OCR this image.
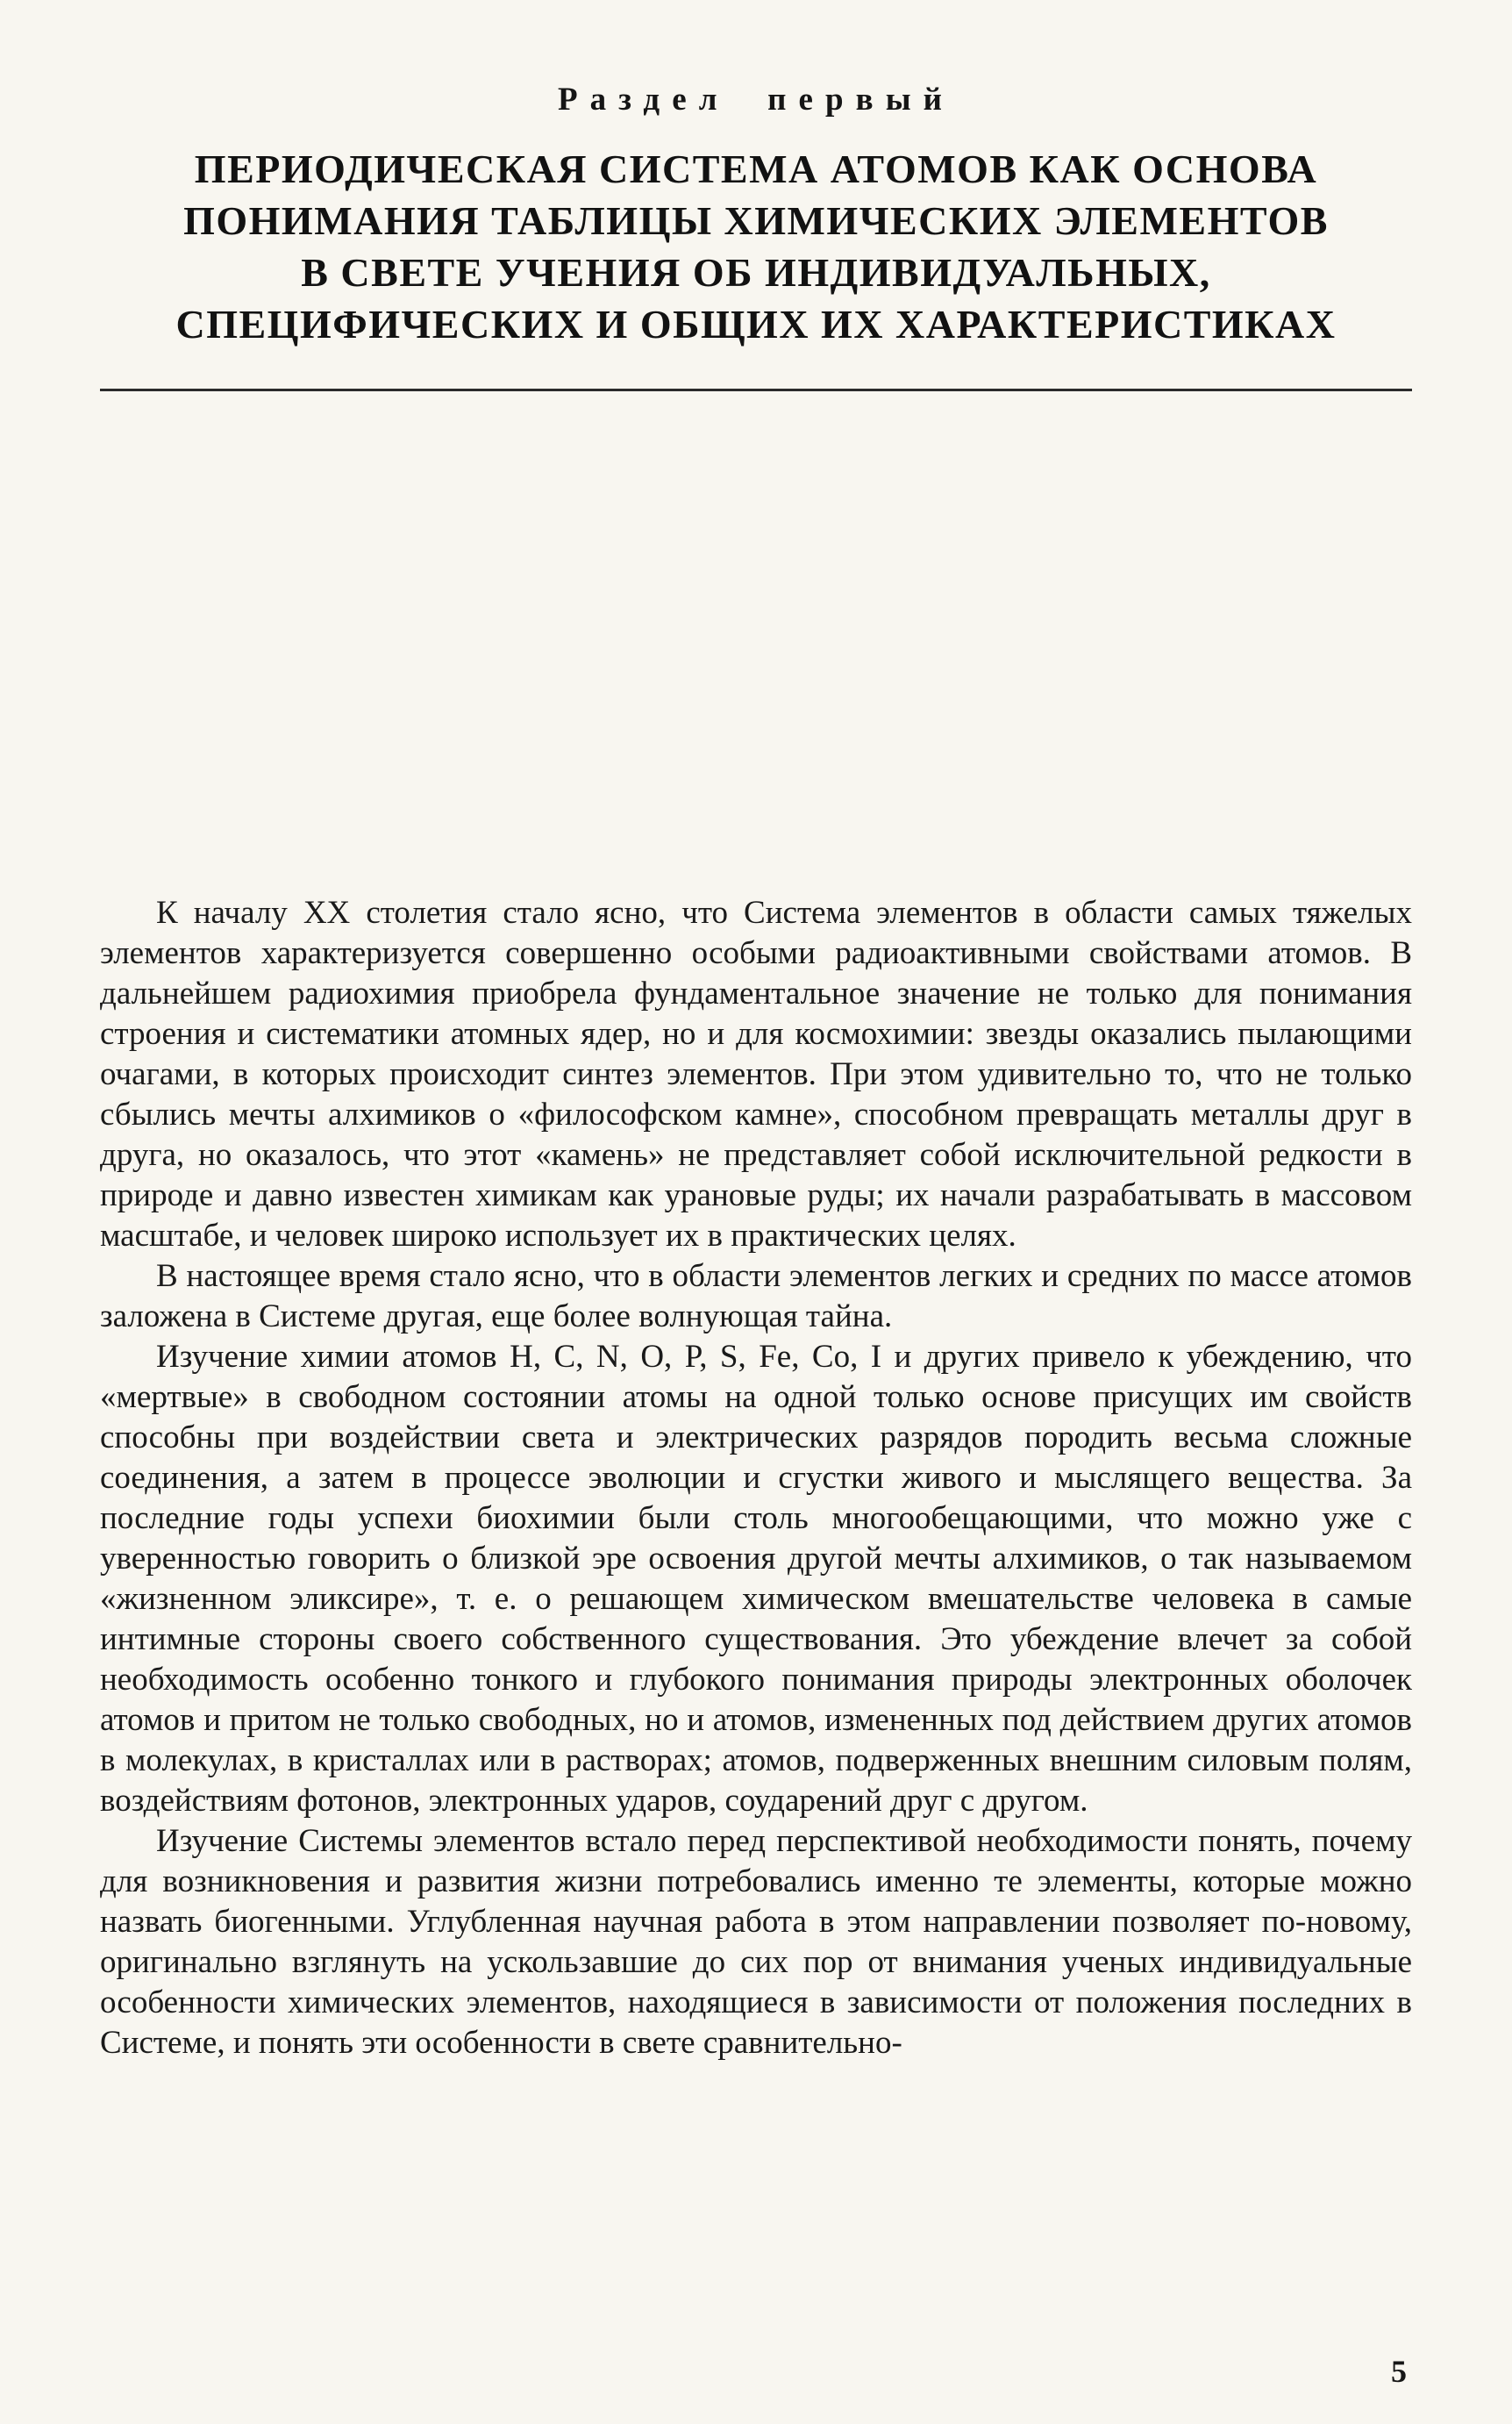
Раздел первый
ПЕРИОДИЧЕСКАЯ СИСТЕМА АТОМОВ КАК ОСНОВА
ПОНИМАНИЯ ТАБЛИЦЫ ХИМИЧЕСКИХ ЭЛЕМЕНТОВ
В СВЕТЕ УЧЕНИЯ ОБ ИНДИВИДУАЛЬНЫХ,
СПЕЦИФИЧЕСКИХ И ОБЩИХ ИХ ХАРАКТЕРИСТИКАХ

К началу XX столетия стало ясно, что Система элементов в области самых тяжелых элементов характеризуется совершенно особыми радиоактивными свойствами атомов. В дальнейшем радиохимия приобрела фундаментальное значение не только для понимания строения и систематики атомных ядер, но и для космохимии: звезды оказались пылающими очагами, в которых происходит синтез элементов. При этом удивительно то, что не только сбылись мечты алхимиков о «философском камне», способном превращать металлы друг в друга, но оказалось, что этот «камень» не представляет собой исключительной редкости в природе и давно известен химикам как урановые руды; их начали разрабатывать в массовом масштабе, и человек широко использует их в практических целях.

В настоящее время стало ясно, что в области элементов легких и средних по массе атомов заложена в Системе другая, еще более волнующая тайна.

Изучение химии атомов H, C, N, O, P, S, Fe, Co, I и других привело к убеждению, что «мертвые» в свободном состоянии атомы на одной только основе присущих им свойств способны при воздействии света и электрических разрядов породить весьма сложные соединения, а затем в процессе эволюции и сгустки живого и мыслящего вещества. За последние годы успехи биохимии были столь многообещающими, что можно уже с уверенностью говорить о близкой эре освоения другой мечты алхимиков, о так называемом «жизненном эликсире», т. е. о решающем химическом вмешательстве человека в самые интимные стороны своего собственного существования. Это убеждение влечет за собой необходимость особенно тонкого и глубокого понимания природы электронных оболочек атомов и притом не только свободных, но и атомов, измененных под действием других атомов в молекулах, в кристаллах или в растворах; атомов, подверженных внешним силовым полям, воздействиям фотонов, электронных ударов, соударений друг с другом.

Изучение Системы элементов встало перед перспективой необходимости понять, почему для возникновения и развития жизни потребовались именно те элементы, которые можно назвать биогенными. Углубленная научная работа в этом направлении позволяет по-новому, оригинально взглянуть на ускользавшие до сих пор от внимания ученых индивидуальные особенности химических элементов, находящиеся в зависимости от положения последних в Системе, и понять эти особенности в свете сравнительно-

5
